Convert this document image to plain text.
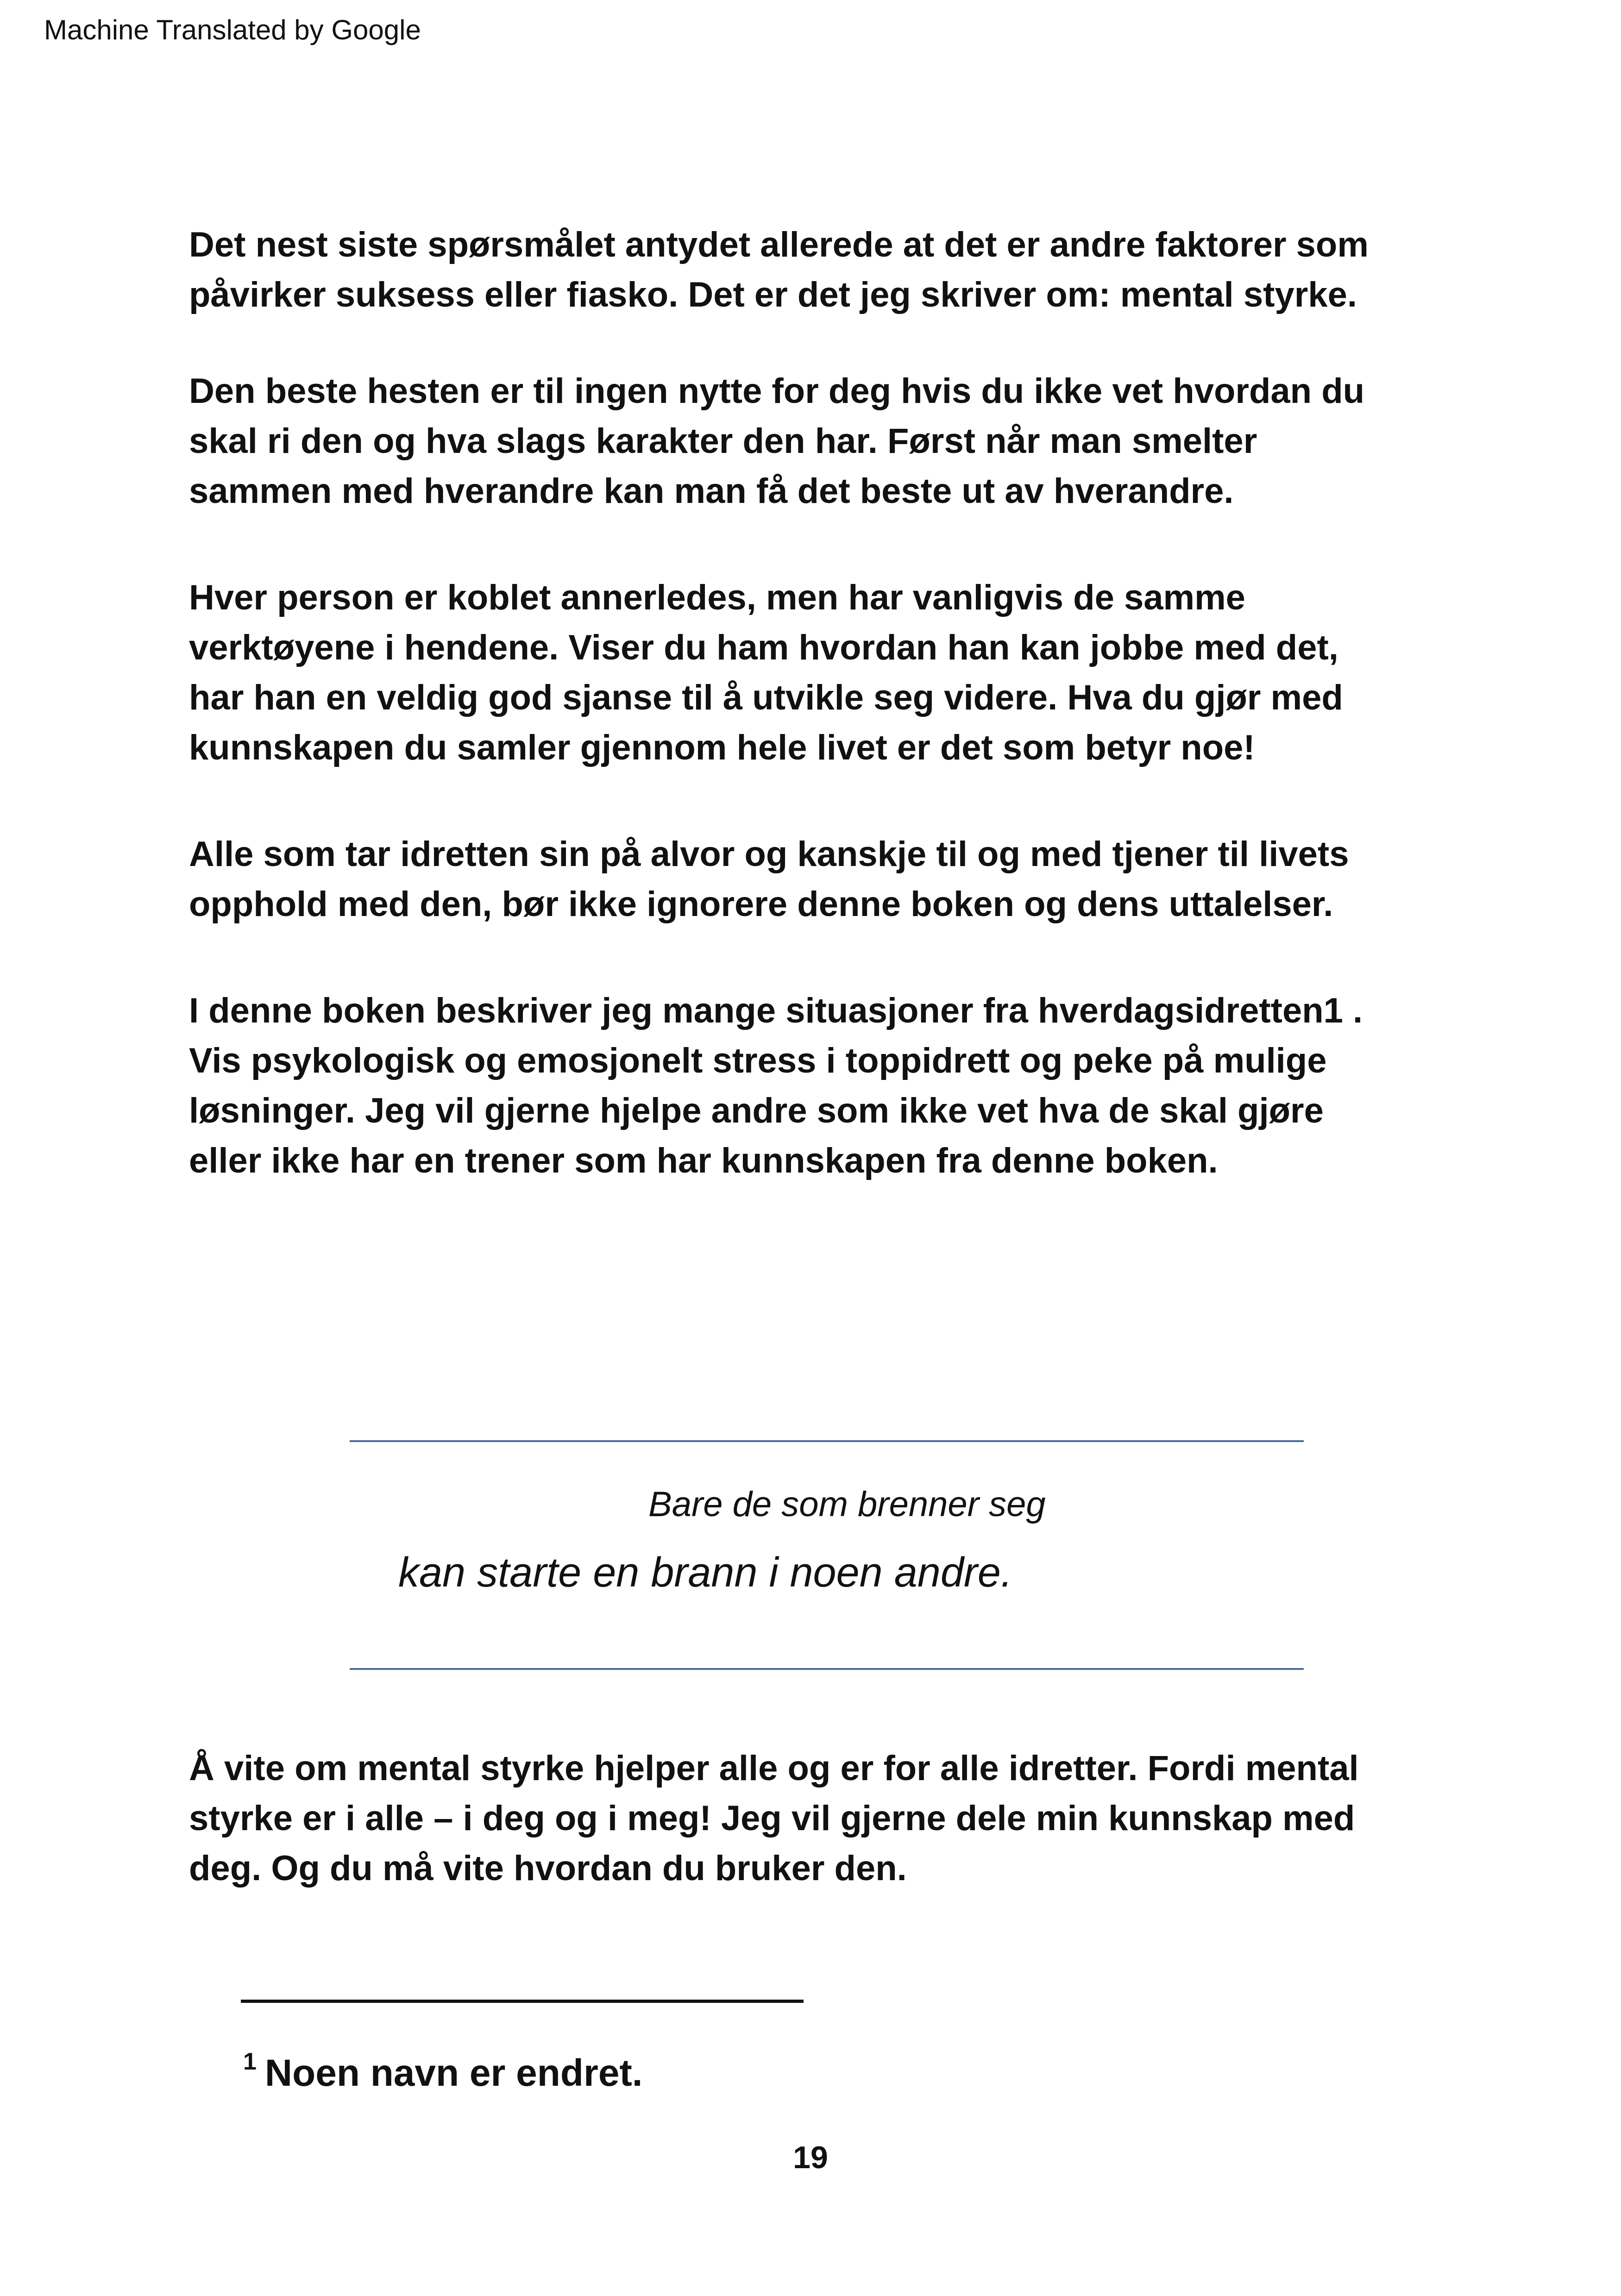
Machine Translated by Google

Det nest siste spørsmålet antydet allerede at det er andre faktorer som
påvirker suksess eller fiasko. Det er det jeg skriver om: mental styrke.

Den beste hesten er til ingen nytte for deg hvis du ikke vet hvordan du
skal ri den og hva slags karakter den har. Først når man smelter
sammen med hverandre kan man få det beste ut av hverandre.

Hver person er koblet annerledes, men har vanligvis de samme
verktøyene i hendene. Viser du ham hvordan han kan jobbe med det,
har han en veldig god sjanse til å utvikle seg videre. Hva du gjør med
kunnskapen du samler gjennom hele livet er det som betyr noe!

Alle som tar idretten sin på alvor og kanskje til og med tjener til livets
opphold med den, bør ikke ignorere denne boken og dens uttalelser.

I denne boken beskriver jeg mange situasjoner fra hverdagsidretten1 .
Vis psykologisk og emosjonelt stress i toppidrett og peke på mulige
løsninger. Jeg vil gjerne hjelpe andre som ikke vet hva de skal gjøre
eller ikke har en trener som har kunnskapen fra denne boken.

Bare de som brenner seg
kan starte en brann i noen andre.

Å vite om mental styrke hjelper alle og er for alle idretter. Fordi mental
styrke er i alle – i deg og i meg! Jeg vil gjerne dele min kunnskap med
deg. Og du må vite hvordan du bruker den.

1 Noen navn er endret.
19
